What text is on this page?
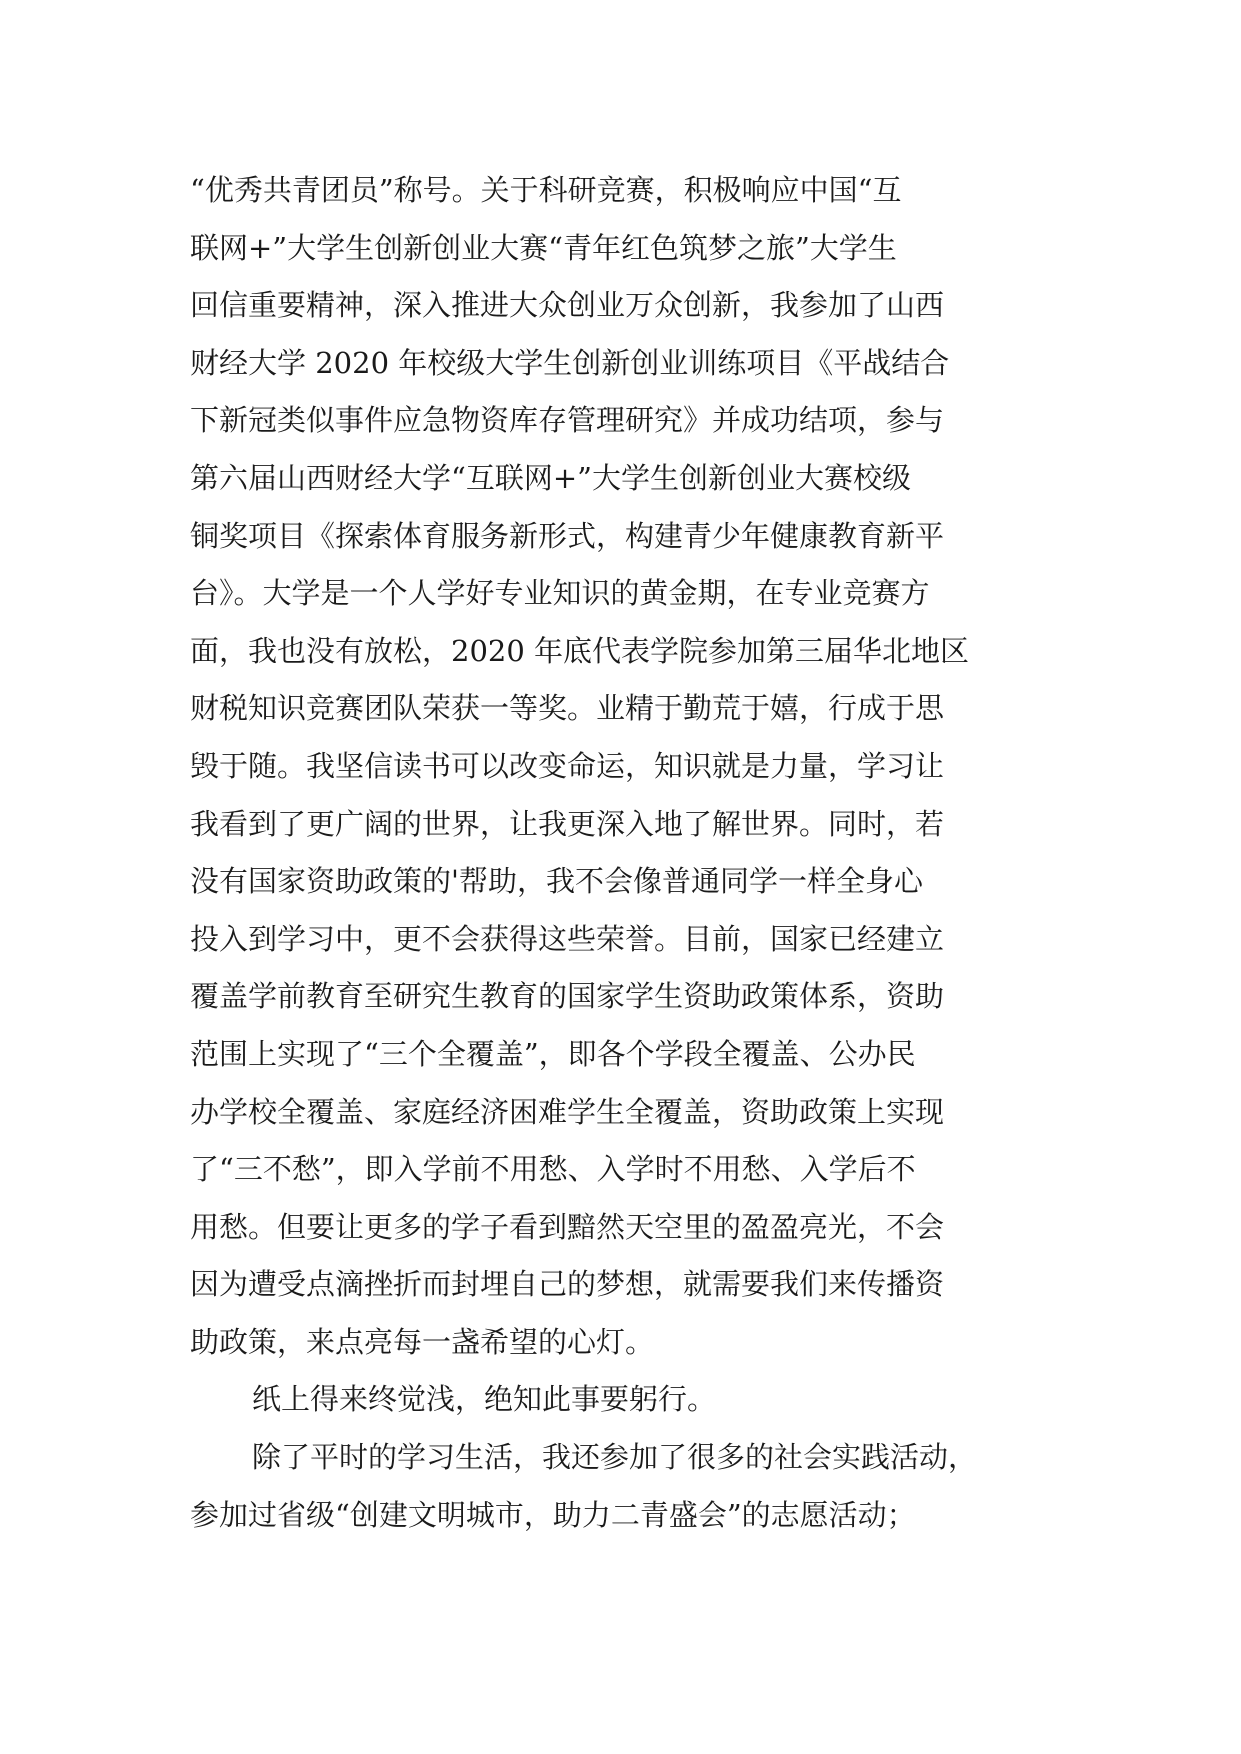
“优秀共青团员”称号。关于科研竞赛，积极响应中国“互
联网+”大学生创新创业大赛“青年红色筑梦之旅”大学生
回信重要精神，深入推进大众创业万众创新，我参加了山西
财经大学 2020 年校级大学生创新创业训练项目《平战结合
下新冠类似事件应急物资库存管理研究》并成功结项，参与
第六届山西财经大学“互联网+”大学生创新创业大赛校级
铜奖项目《探索体育服务新形式，构建青少年健康教育新平
台》。大学是一个人学好专业知识的黄金期，在专业竞赛方
面，我也没有放松，2020 年底代表学院参加第三届华北地区
财税知识竞赛团队荣获一等奖。业精于勤荒于嬉，行成于思
毁于随。我坚信读书可以改变命运，知识就是力量，学习让
我看到了更广阔的世界，让我更深入地了解世界。同时，若
没有国家资助政策的'帮助，我不会像普通同学一样全身心
投入到学习中，更不会获得这些荣誉。目前，国家已经建立
覆盖学前教育至研究生教育的国家学生资助政策体系，资助
范围上实现了“三个全覆盖”，即各个学段全覆盖、公办民
办学校全覆盖、家庭经济困难学生全覆盖，资助政策上实现
了“三不愁”，即入学前不用愁、入学时不用愁、入学后不
用愁。但要让更多的学子看到黯然天空里的盈盈亮光，不会
因为遭受点滴挫折而封埋自己的梦想，就需要我们来传播资
助政策，来点亮每一盏希望的心灯。
纸上得来终觉浅，绝知此事要躬行。
除了平时的学习生活，我还参加了很多的社会实践活动，
参加过省级“创建文明城市，助力二青盛会”的志愿活动；
